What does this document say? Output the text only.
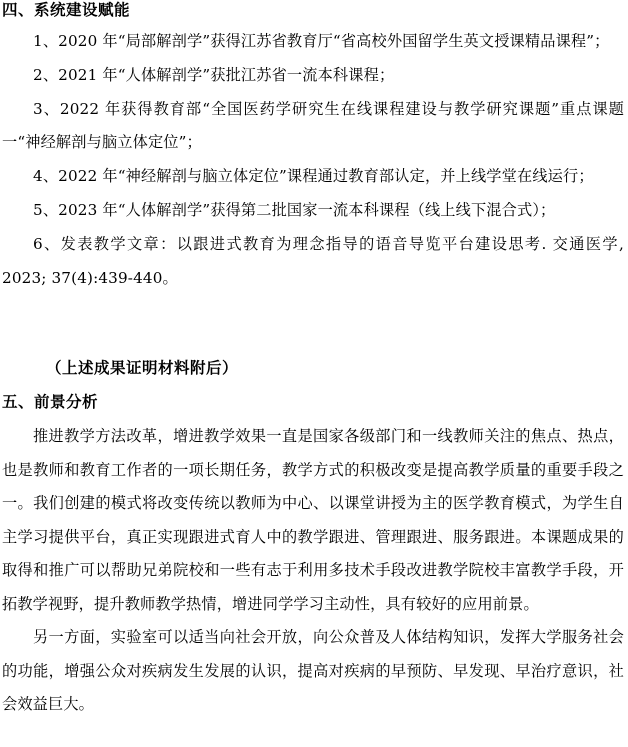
四、系统建设赋能

1、2020 年“局部解剖学”获得江苏省教育厅“省高校外国留学生英文授课精品课程”；

2、2021 年“人体解剖学”获批江苏省一流本科课程；

3、2022 年获得教育部“全国医药学研究生在线课程建设与教学研究课题”重点课题一“神经解剖与脑立体定位”；

4、2022 年“神经解剖与脑立体定位”课程通过教育部认定，并上线学堂在线运行；

5、2023 年“人体解剖学”获得第二批国家一流本科课程（线上线下混合式）；

6、发表教学文章：以跟进式教育为理念指导的语音导览平台建设思考. 交通医学, 2023; 37(4):439-440。

（上述成果证明材料附后）

五、前景分析

推进教学方法改革，增进教学效果一直是国家各级部门和一线教师关注的焦点、热点，也是教师和教育工作者的一项长期任务，教学方式的积极改变是提高教学质量的重要手段之一。我们创建的模式将改变传统以教师为中心、以课堂讲授为主的医学教育模式，为学生自主学习提供平台，真正实现跟进式育人中的教学跟进、管理跟进、服务跟进。本课题成果的取得和推广可以帮助兄弟院校和一些有志于利用多技术手段改进教学院校丰富教学手段，开拓教学视野，提升教师教学热情，增进同学学习主动性，具有较好的应用前景。

另一方面，实验室可以适当向社会开放，向公众普及人体结构知识，发挥大学服务社会的功能，增强公众对疾病发生发展的认识，提高对疾病的早预防、早发现、早治疗意识，社会效益巨大。
